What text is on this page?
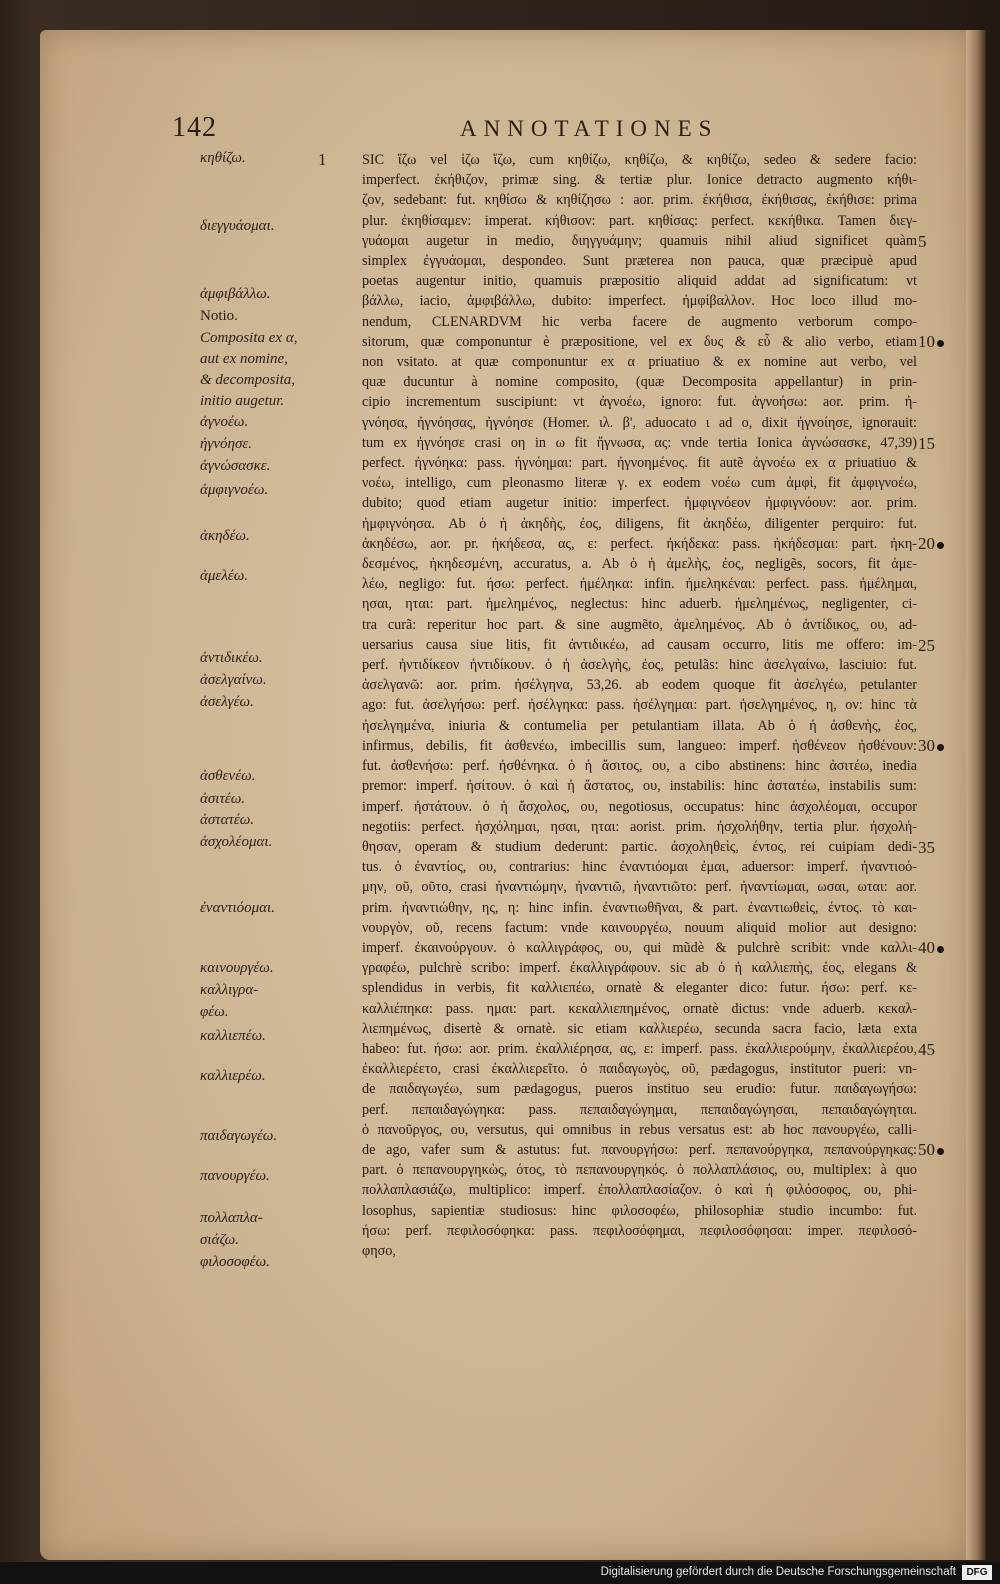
142	ANNOTATIONES
κηθίζω.
διεγγυάομαι.
ἀμφιβάλλω.
Notio.
Composita ex α,
aut ex nomine,
& decomposita,
initio augetur.
ἀγνοέω.
ἠγνόησε.
ἀγνώσασκε.
ἀμφιγνοέω.
ἀκηδέω.
ἀμελέω.
ἀντιδικέω.
ἀσελγαίνω.
ἀσελγέω.
ἀσθενέω.
ἀσιτέω.
ἀστατέω.
ἀσχολέομαι.
ἐναντιόομαι.
καινουργέω.
καλλιγρα-
φέω.
καλλιεπέω.
καλλιερέω.
παιδαγωγέω.
πανουργέω.
πολλαπλα-
σιάζω.
φιλοσοφέω.

SIC ἵζω vel ἱζω ἵζω, cum κηθίζω, κηθίζω, & κηθίζω, sedeo & sedere facio:

imperfect. ἐκήθιζον, primæ sing. & tertiæ plur. Ionice detracto augmento κήθι-

ζον, sedebant: fut. κηθίσω & κηθίζησω : aor. prim. ἐκήθισα, ἐκήθισας, ἐκήθισε: prima

plur. ἐκηθίσαμεν: imperat. κήθισον: part. κηθίσας: perfect. κεκήθικα. Tamen διεγ-

γυάομαι augetur in medio, διηγγυάμην; quamuis nihil aliud significet quàm

simplex ἐγγυάομαι, despondeo. Sunt præterea non pauca, quæ præcipuè apud

poetas augentur initio, quamuis præpositio aliquid addat ad significatum: vt

βάλλω, iacio, ἀμφιβάλλω, dubito: imperfect. ἠμφίβαλλον. Hoc loco illud mo-

nendum, CLENARDVM hic verba facere de augmento verborum compo-

sitorum, quæ componuntur è præpositione, vel ex δυς & εὖ & alio verbo, etiam

non vsitato. at quæ componuntur ex α priuatiuo & ex nomine aut verbo, vel

quæ ducuntur à nomine composito, (quæ Decomposita appellantur) in prin-

cipio incrementum suscipiunt: vt ἀγνοέω, ignoro: fut. ἀγνοήσω: aor. prim. ἠ-

γνόησα, ἠγνόησας, ἠγνόησε (Homer. ιλ. β', aduocato ι ad ο, dixit ἠγνοίησε, ignorauit:

tum ex ἠγνόησε crasi οη in ω fit ἤγνωσα, ας: vnde tertia Ionica ἀγνώσασκε, 47,39)

perfect. ἠγνόηκα: pass. ἠγνόημαι: part. ἠγνοημένος. fit autẽ ἀγνοέω ex α priuatiuo &

νοέω, intelligo, cum pleonasmo literæ γ. ex eodem νοέω cum ἀμφὶ, fit ἀμφιγνοέω,

dubito; quod etiam augetur initio: imperfect. ἠμφιγνόεον ἠμφιγνόουν: aor. prim.

ἠμφιγνόησα. Ab ὁ ἡ ἀκηδὴς, ἐος, diligens, fit ἀκηδέω, diligenter perquiro: fut.

ἀκηδέσω, aor. pr. ἠκήδεσα, ας, ε: perfect. ἠκήδεκα: pass. ἠκήδεσμαι: part. ἠκη-

δεσμένος, ἠκηδεσμένη, accuratus, a. Ab ὁ ἡ ἀμελὴς, ἐος, negligẽs, socors, fit ἀμε-

λέω, negligo: fut. ήσω: perfect. ἠμέληκα: infin. ἠμεληκέναι: perfect. pass. ἠμέλημαι,

ησαι, ηται: part. ἠμελημένος, neglectus: hinc aduerb. ἠμελημένως, negligenter, ci-

tra curã: reperitur hoc part. & sine augmẽto, ἀμελημένος. Ab ὁ ἀντίδικος, ου, ad-

uersarius causa siue litis, fit ἀντιδικέω, ad causam occurro, litis me offero: im-

perf. ἠντιδίκεον ἠντιδίκουν. ὁ ἡ ἀσελγὴς, ἐος, petulãs: hinc ἀσελγαίνω, lasciuio: fut.

ἀσελγανῶ: aor. prim. ἠσέλγηνα, 53,26. ab eodem quoque fit ἀσελγέω, petulanter

ago: fut. ἀσελγήσω: perf. ἠσέλγηκα: pass. ἠσέλγημαι: part. ἠσελγημένος, η, ον: hinc τὰ

ἠσελγημένα, iniuria & contumelia per petulantiam illata. Ab ὁ ἡ ἀσθενὴς, ἐος,

infirmus, debilis, fit ἀσθενέω, imbecillis sum, langueo: imperf. ἠσθένεον ἠσθένουν:

fut. ἀσθενήσω: perf. ἠσθένηκα. ὁ ἡ ἄσιτος, ου, a cibo abstinens: hinc ἀσιτέω, inedia

premor: imperf. ἠσίτουν. ὁ καὶ ἡ ἄστατος, ου, instabilis: hinc ἀστατέω, instabilis sum:

imperf. ἠστάτουν. ὁ ἡ ἄσχολος, ου, negotiosus, occupatus: hinc ἀσχολέομαι, occupor

negotiis: perfect. ἠσχόλημαι, ησαι, ηται: aorist. prim. ἠσχολήθην, tertia plur. ἠσχολή-

θησαν, operam & studium dederunt: partic. ἀσχοληθεὶς, έντος, rei cuipiam dedi-

tus. ὁ ἐναντίος, ου, contrarius: hinc ἐναντιόομαι ἐμαι, aduersor: imperf. ἠναντιοό-

μην, οῦ, οῦτο, crasi ἠναντιώμην, ἠναντιῶ, ἠναντιῶτο: perf. ἠναντίωμαι, ωσαι, ωται: aor.

prim. ἠναντιώθην, ης, η: hinc infin. ἐναντιωθῆναι, & part. ἐναντιωθεὶς, έντος. τὸ και-

νουργὸν, οῦ, recens factum: vnde καινουργέω, nouum aliquid molior aut designo:

imperf. ἐκαινούργουν. ὁ καλλιγράφος, ου, qui mũdè & pulchrè scribit: vnde καλλι-

γραφέω, pulchrè scribo: imperf. ἐκαλλιγράφουν. sic ab ὁ ἡ καλλιεπὴς, ἐος, elegans &

splendidus in verbis, fit καλλιεπέω, ornatè & eleganter dico: futur. ήσω: perf. κε-

καλλιέπηκα: pass. ημαι: part. κεκαλλιεπημένος, ornatè dictus: vnde aduerb. κεκαλ-

λιεπημένως, disertè & ornatè. sic etiam καλλιερέω, secunda sacra facio, læta exta

habeo: fut. ήσω: aor. prim. ἐκαλλιέρησα, ας, ε: imperf. pass. ἐκαλλιερούμην, ἐκαλλιερέου,

ἐκαλλιερέετο, crasi ἐκαλλιερεῖτο. ὁ παιδαγωγὸς, οῦ, pædagogus, institutor pueri: vn-

de παιδαγωγέω, sum pædagogus, pueros instituo seu erudio: futur. παιδαγωγήσω:

perf. πεπαιδαγώγηκα: pass. πεπαιδαγώγημαι, πεπαιδαγώγησαι, πεπαιδαγώγηται.

ὁ πανοῦργος, ου, versutus, qui omnibus in rebus versatus est: ab hoc πανουργέω, calli-

de ago, vafer sum & astutus: fut. πανουργήσω: perf. πεπανούργηκα, πεπανούργηκας:

part. ὁ πεπανουργηκὼς, ότος, τὸ πεπανουργηκός. ὁ πολλαπλάσιος, ου, multiplex: à quo

πολλαπλασιάζω, multiplico: imperf. ἐπολλαπλασίαζον. ὁ καὶ ἡ φιλόσοφος, ου, phi-

losophus, sapientiæ studiosus: hinc φιλοσοφέω, philosophiæ studio incumbo: fut.

ήσω: perf. πεφιλοσόφηκα: pass. πεφιλοσόφημαι, πεφιλοσόφησαι: imper. πεφιλοσό-

φησο,

1
5
10
15
20
25
30
35
40
45
50
Digitalisierung gefördert durch die Deutsche Forschungsgemeinschaft	DFG
